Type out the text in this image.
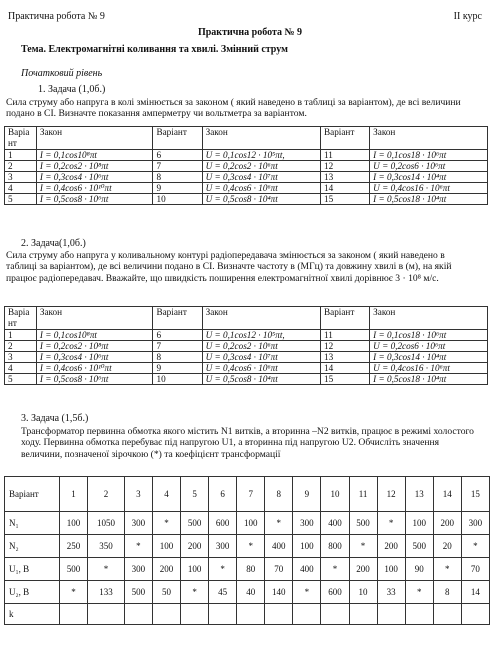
Практична робота № 9	II курс
Практична робота № 9
Тема. Електромагнітні коливання та хвилі. Змінний струм
Початковий рівень
1. Задача (1,0б.)
Сила струму або напруга в колі змінюється за законом ( який наведено в таблиці за варіантом), де всі величини подано в СІ. Визначте показання амперметру чи вольтметра за варіантом.
Варіа нт	Закон	Варіант	Закон	Варіант	Закон
1	I = 0,1cos10⁸πt	6	U = 0,1cos12 · 10⁵πt,	11	I = 0,1cos18 · 10⁶πt
2	I = 0,2cos2 · 10⁸πt	7	U = 0,2cos2 · 10⁶πt	12	U = 0,2cos6 · 10⁶πt
3	I = 0,3cos4 · 10⁶πt	8	U = 0,3cos4 · 10⁷πt	13	I = 0,3cos14 · 10⁴πt
4	I = 0,4cos6 · 10¹⁰πt	9	U = 0,4cos6 · 10⁶πt	14	U = 0,4cos16 · 10⁶πt
5	I = 0,5cos8 · 10⁶πt	10	U = 0,5cos8 · 10⁴πt	15	I = 0,5cos18 · 10⁴πt
2. Задача(1,0б.)
Сила струму або напруга у коливальному контурі радіопередавача змінюється за законом ( який наведено в таблиці за варіантом), де всі величини подано в СІ. Визначте частоту в (МГц) та довжину хвилі в (м), на якій працює радіопередавач. Вважайте, що швидкість поширення електромагнітної хвилі дорівнює 3 · 10⁸ м/с.
Варіа нт	Закон	Варіант	Закон	Варіант	Закон
1	I = 0,1cos10⁸πt	6	U = 0,1cos12 · 10⁵πt,	11	I = 0,1cos18 · 10⁶πt
2	I = 0,2cos2 · 10⁸πt	7	U = 0,2cos2 · 10⁶πt	12	U = 0,2cos6 · 10⁶πt
3	I = 0,3cos4 · 10⁶πt	8	U = 0,3cos4 · 10⁷πt	13	I = 0,3cos14 · 10⁴πt
4	I = 0,4cos6 · 10¹⁰πt	9	U = 0,4cos6 · 10⁶πt	14	U = 0,4cos16 · 10⁶πt
5	I = 0,5cos8 · 10⁶πt	10	U = 0,5cos8 · 10⁴πt	15	I = 0,5cos18 · 10⁴πt
3. Задача (1,5б.)
Трансформатор первинна обмотка якого містить N1 витків, а вторинна –N2 витків, працює в режимі холостого ходу. Первинна обмотка перебуває під напругою U1, а вторинна під напругою U2. Обчисліть значення величини, позначеної зірочкою (*) та коефіцієнт трансформації
Варіант	1	2	3	4	5	6	7	8	9	10	11	12	13	14	15
N₁	100	1050	300	*	500	600	100	*	300	400	500	*	100	200	300
N₂	250	350	*	100	200	300	*	400	100	800	*	200	500	20	*
U₁, B	500	*	300	200	100	*	80	70	400	*	200	100	90	*	70
U₂, B	*	133	500	50	*	45	40	140	*	600	10	33	*	8	14
k															
